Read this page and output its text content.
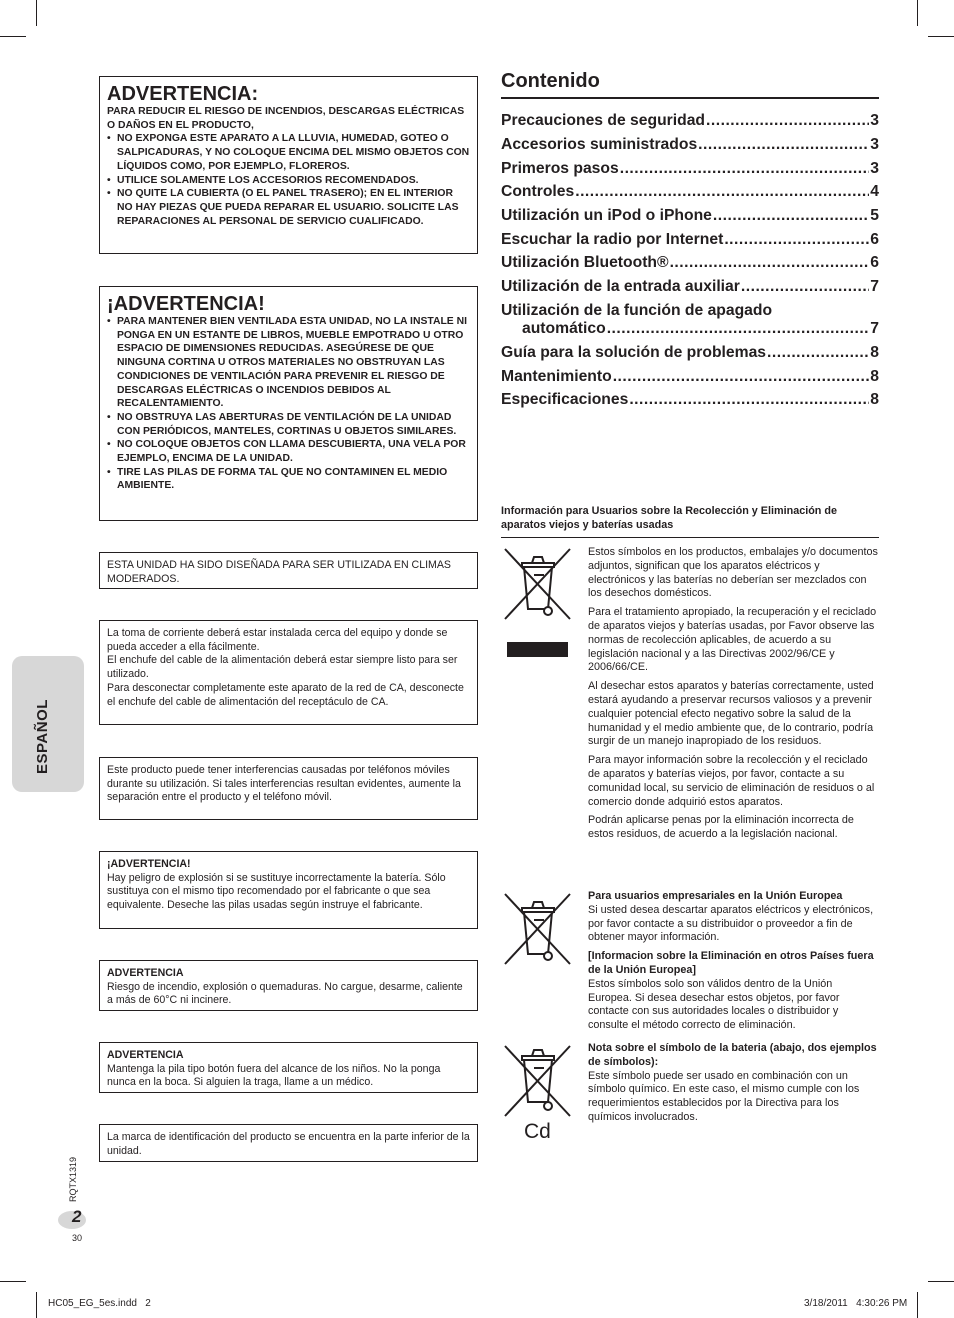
ESPAÑOL
ADVERTENCIA:
PARA REDUCIR EL RIESGO DE INCENDIOS, DESCARGAS ELÉCTRICAS O DAÑOS EN EL PRODUCTO,

• NO EXPONGA ESTE APARATO A LA LLUVIA, HUMEDAD, GOTEO O SALPICADURAS, Y NO COLOQUE ENCIMA DEL MISMO OBJETOS CON LÍQUIDOS COMO, POR EJEMPLO, FLOREROS.

• UTILICE SOLAMENTE LOS ACCESORIOS RECOMENDADOS.

• NO QUITE LA CUBIERTA (O EL PANEL TRASERO); EN EL INTERIOR NO HAY PIEZAS QUE PUEDA REPARAR EL USUARIO. SOLICITE LAS REPARACIONES AL PERSONAL DE SERVICIO CUALIFICADO.

¡ADVERTENCIA!

• PARA MANTENER BIEN VENTILADA ESTA UNIDAD, NO LA INSTALE NI PONGA EN UN ESTANTE DE LIBROS, MUEBLE EMPOTRADO U OTRO ESPACIO DE DIMENSIONES REDUCIDAS. ASEGÚRESE DE QUE NINGUNA CORTINA U OTROS MATERIALES NO OBSTRUYAN LAS CONDICIONES DE VENTILACIÓN PARA PREVENIR EL RIESGO DE DESCARGAS ELÉCTRICAS O INCENDIOS DEBIDOS AL RECALENTAMIENTO.

• NO OBSTRUYA LAS ABERTURAS DE VENTILACIÓN DE LA UNIDAD CON PERIÓDICOS, MANTELES, CORTINAS U OBJETOS SIMILARES.

• NO COLOQUE OBJETOS CON LLAMA DESCUBIERTA, UNA VELA POR EJEMPLO, ENCIMA DE LA UNIDAD.

• TIRE LAS PILAS DE FORMA TAL QUE NO CONTAMINEN EL MEDIO AMBIENTE.

ESTA UNIDAD HA SIDO DISEÑADA PARA SER UTILIZADA EN CLIMAS MODERADOS.
La toma de corriente deberá estar instalada cerca del equipo y donde se pueda acceder a ella fácilmente.
El enchufe del cable de la alimentación deberá estar siempre listo para ser utilizado.
Para desconectar completamente este aparato de la red de CA, desconecte el enchufe del cable de alimentación del receptáculo de CA.
Este producto puede tener interferencias causadas por teléfonos móviles durante su utilización. Si tales interferencias resultan evidentes, aumente la separación entre el producto y el teléfono móvil.
¡ADVERTENCIA!
Hay peligro de explosión si se sustituye incorrectamente la batería. Sólo sustituya con el mismo tipo recomendado por el fabricante o que sea equivalente. Deseche las pilas usadas según instruye el fabricante.
ADVERTENCIA
Riesgo de incendio, explosión o quemaduras. No cargue, desarme, caliente a más de 60°C ni incinere.
ADVERTENCIA
Mantenga la pila tipo botón fuera del alcance de los niños. No la ponga nunca en la boca. Si alguien la traga, llame a un médico.
La marca de identificación del producto se encuentra en la parte inferior de la unidad.
Contenido
Precauciones de seguridad .....	3
Accesorios suministrados .....	3
Primeros pasos .....	3
Controles .....	4
Utilización un iPod o iPhone .....	5
Escuchar la radio por Internet .....	6
Utilización Bluetooth® .....	6
Utilización de la entrada auxiliar .....	7
Utilización de la función de apagado
automático .....	7
Guía para la solución de problemas .....	8
Mantenimiento .....	8
Especificaciones .....	8
Información para Usuarios sobre la Recolección y Eliminación de aparatos viejos y baterías usadas
Estos símbolos en los productos, embalajes y/o documentos adjuntos, significan que los aparatos eléctricos y electrónicos y las baterías no deberían ser mezclados con los desechos domésticos.
Para el tratamiento apropiado, la recuperación y el reciclado de aparatos viejos y baterías usadas, por Favor observe las normas de recolección aplicables, de acuerdo a su legislación nacional y a las Directivas 2002/96/CE y 2006/66/CE.
Al desechar estos aparatos y baterías correctamente, usted estará ayudando a preservar recursos valiosos y a prevenir cualquier potencial efecto negativo sobre la salud de la humanidad y el medio ambiente que, de lo contrario, podría surgir de un manejo inapropiado de los residuos.
Para mayor información sobre la recolección y el reciclado de aparatos y baterías viejos, por favor, contacte a su comunidad local, su servicio de eliminación de residuos o al comercio donde adquirió estos aparatos.
Podrán aplicarse penas por la eliminación incorrecta de estos residuos, de acuerdo a la legislación nacional.
Para usuarios empresariales en la Unión Europea
Si usted desea descartar aparatos eléctricos y electrónicos, por favor contacte a su distribuidor o proveedor a fin de obtener mayor información.
[Informacion sobre la Eliminación en otros Países fuera de la Unión Europea]
Estos símbolos solo son válidos dentro de la Unión Europea. Si desea desechar estos objetos, por favor contacte con sus autoridades locales o distribuidor y consulte el método correcto de eliminación.
Cd
Nota sobre el símbolo de la bateria (abajo, dos ejemplos de símbolos):
Este símbolo puede ser usado en combinación con un símbolo químico. En este caso, el mismo cumple con los requerimientos establecidos por la Directiva para los químicos involucrados.
RQTX1319
2
30
HC05_EG_5es.indd   2	3/18/2011   4:30:26 PM
